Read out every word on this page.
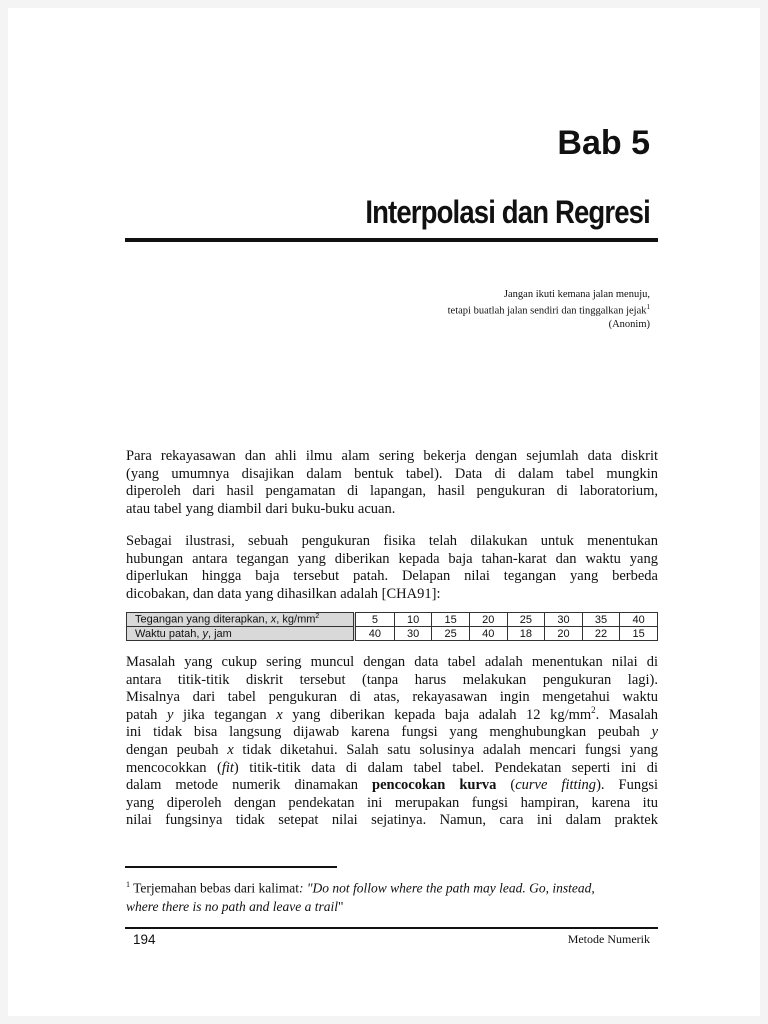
Bab 5
Interpolasi dan Regresi
Jangan ikuti kemana jalan menuju,
tetapi buatlah jalan sendiri dan tinggalkan jejak$^1$
(Anonim)
Para rekayasawan dan ahli ilmu alam sering bekerja dengan sejumlah data diskrit
(yang umumnya disajikan dalam bentuk tabel). Data di dalam tabel mungkin
diperoleh dari hasil pengamatan di lapangan, hasil pengukuran di laboratorium,
atau tabel yang diambil dari buku-buku acuan.
Sebagai ilustrasi, sebuah pengukuran fisika telah dilakukan untuk menentukan
hubungan antara tegangan yang diberikan kepada baja tahan-karat dan waktu yang
diperlukan hingga baja tersebut patah. Delapan nilai tegangan yang berbeda
dicobakan, dan data yang dihasilkan adalah [CHA91]:
Tegangan yang diterapkan, x, $kg/mm^2$	5	10	15	20	25	30	35	40
Waktu patah, y, jam	40	30	25	40	18	20	22	15
Masalah yang cukup sering muncul dengan data tabel adalah menentukan nilai di
antara titik-titik diskrit tersebut (tanpa harus melakukan pengukuran lagi).
Misalnya dari tabel pengukuran di atas, rekayasawan ingin mengetahui waktu
patah y jika tegangan x yang diberikan kepada baja adalah 12 $kg/mm^2$. Masalah
ini tidak bisa langsung dijawab karena fungsi yang menghubungkan peubah y
dengan peubah x tidak diketahui. Salah satu solusinya adalah mencari fungsi yang
mencocokkan (fit) titik-titik data di dalam tabel tabel. Pendekatan seperti ini di
dalam metode numerik dinamakan pencocokan kurva (curve fitting). Fungsi
yang diperoleh dengan pendekatan ini merupakan fungsi hampiran, karena itu
nilai fungsinya tidak setepat nilai sejatinya. Namun, cara ini dalam praktek
$^1$ Terjemahan bebas dari kalimat: "Do not follow where the path may lead. Go, instead,
where there is no path and leave a trail"
194	Metode Numerik
